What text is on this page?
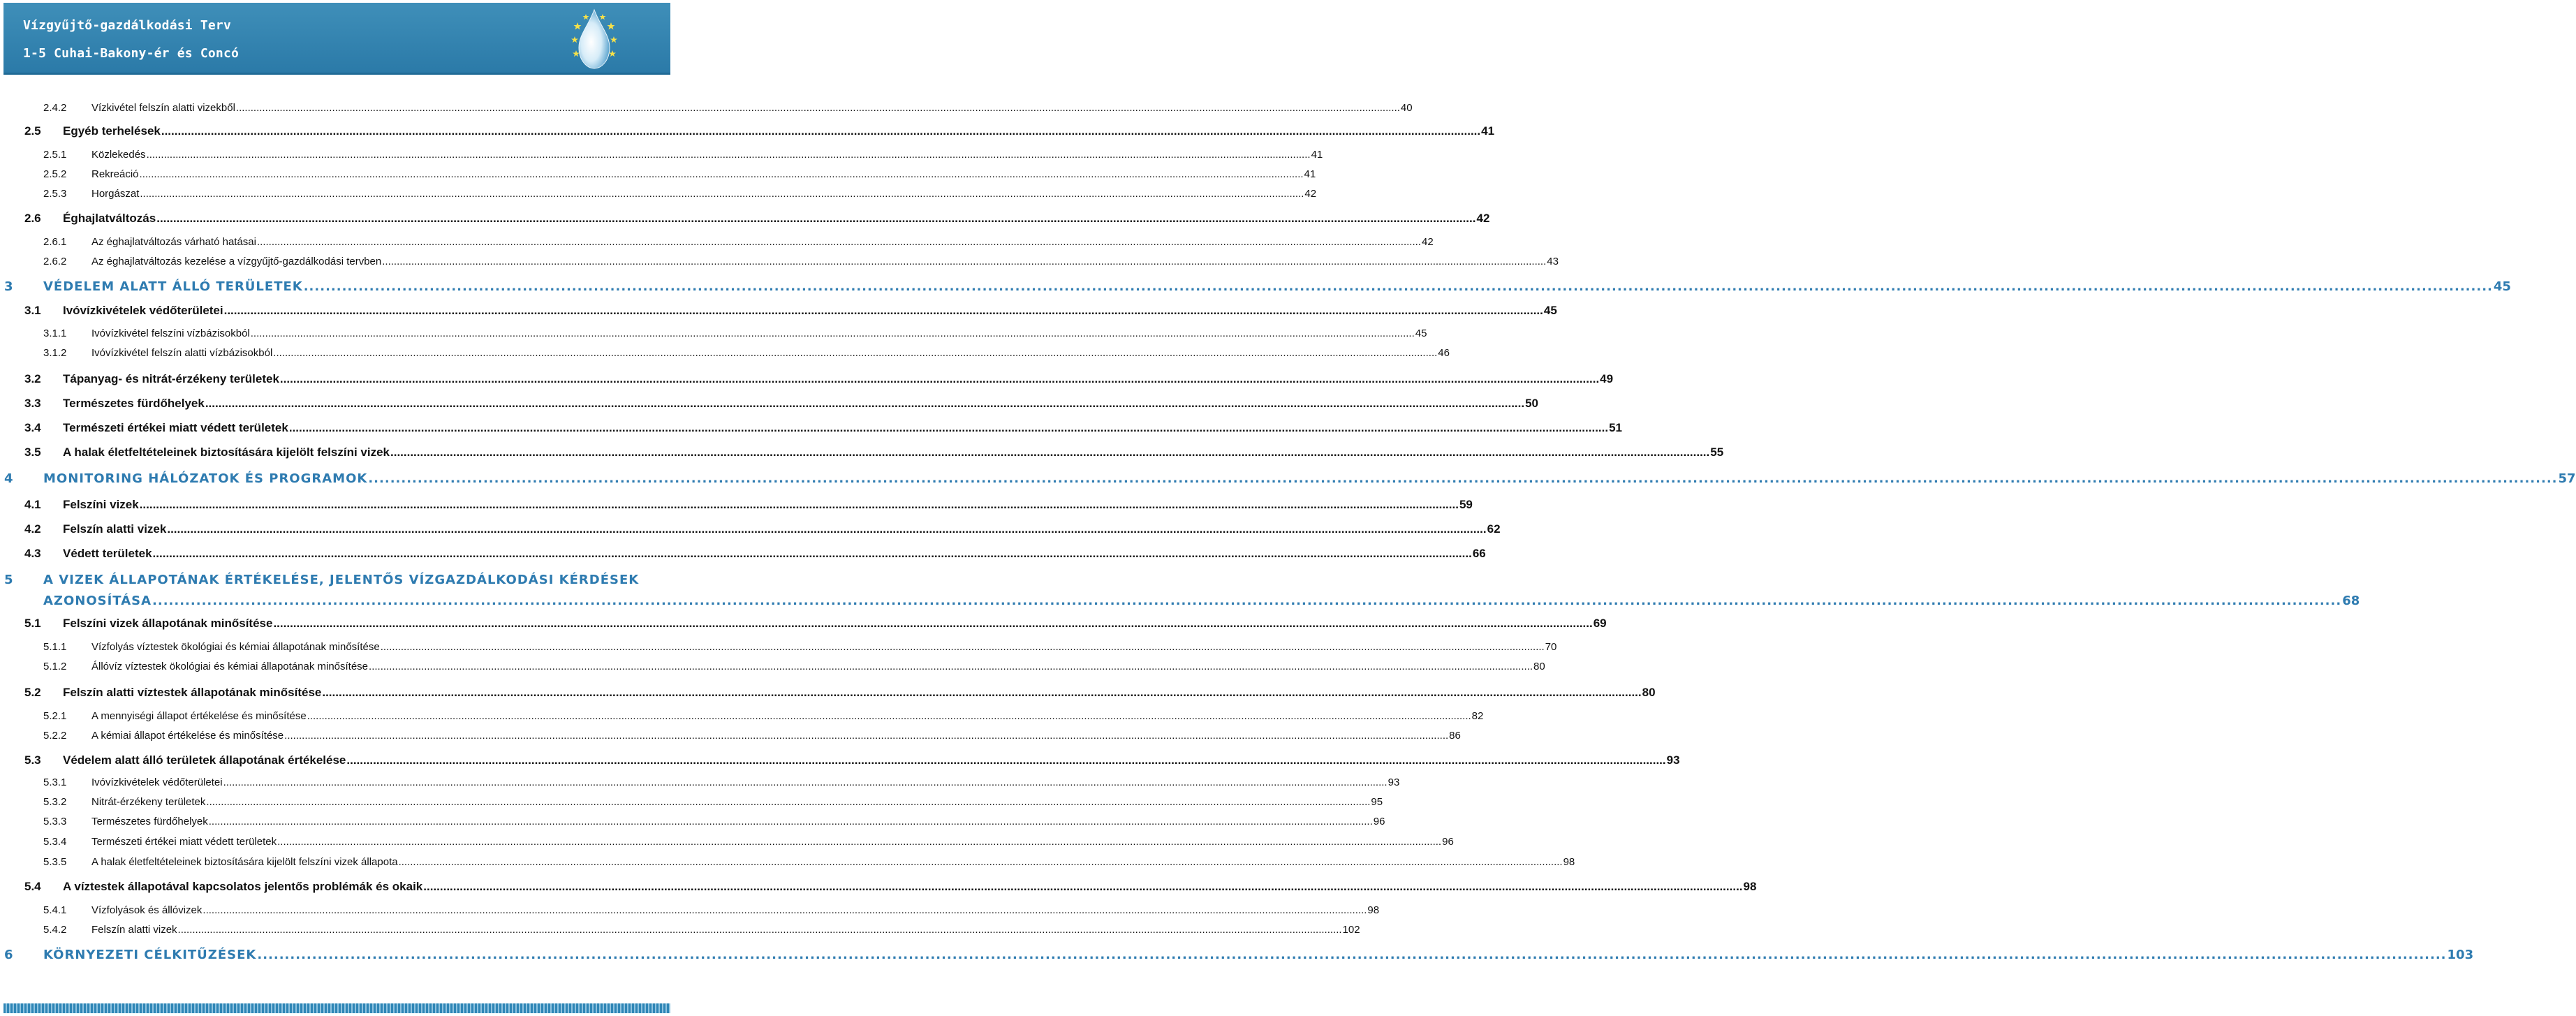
Vízgyűjtő-gazdálkodási Terv
1-5 Cuhai-Bakony-ér és Concó
2.4.2 Vízkivétel felszín alatti vizekből ................................................................................................................................................................................................................................................................................................................................................................................................................ 40
2.5 Egyéb terhelések ................................................................................................................................................................................................................................................................................................................................................................................................................ 41
2.5.1 Közlekedés ................................................................................................................................................................................................................................................................................................................................................................................................................ 41
2.5.2 Rekreáció ................................................................................................................................................................................................................................................................................................................................................................................................................ 41
2.5.3 Horgászat ................................................................................................................................................................................................................................................................................................................................................................................................................ 42
2.6 Éghajlatváltozás ................................................................................................................................................................................................................................................................................................................................................................................................................ 42
2.6.1 Az éghajlatváltozás várható hatásai ................................................................................................................................................................................................................................................................................................................................................................................................................ 42
2.6.2 Az éghajlatváltozás kezelése a vízgyűjtő-gazdálkodási tervben ................................................................................................................................................................................................................................................................................................................................................................................................................ 43
3 VÉDELEM ALATT ÁLLÓ TERÜLETEK ................................................................................................................................................................................................................................................................................................................................................................................................................ 45
3.1 Ivóvízkivételek védőterületei ................................................................................................................................................................................................................................................................................................................................................................................................................ 45
3.1.1 Ivóvízkivétel felszíni vízbázisokból ................................................................................................................................................................................................................................................................................................................................................................................................................ 45
3.1.2 Ivóvízkivétel felszín alatti vízbázisokból ................................................................................................................................................................................................................................................................................................................................................................................................................ 46
3.2 Tápanyag- és nitrát-érzékeny területek ................................................................................................................................................................................................................................................................................................................................................................................................................ 49
3.3 Természetes fürdőhelyek ................................................................................................................................................................................................................................................................................................................................................................................................................ 50
3.4 Természeti értékei miatt védett területek ................................................................................................................................................................................................................................................................................................................................................................................................................ 51
3.5 A halak életfeltételeinek biztosítására kijelölt felszíni vizek ................................................................................................................................................................................................................................................................................................................................................................................................................ 55
4 MONITORING HÁLÓZATOK ÉS PROGRAMOK ................................................................................................................................................................................................................................................................................................................................................................................................................ 57
4.1 Felszíni vizek ................................................................................................................................................................................................................................................................................................................................................................................................................ 59
4.2 Felszín alatti vizek ................................................................................................................................................................................................................................................................................................................................................................................................................ 62
4.3 Védett területek ................................................................................................................................................................................................................................................................................................................................................................................................................ 66
5 A VIZEK ÁLLAPOTÁNAK ÉRTÉKELÉSE, JELENTŐS VÍZGAZDÁLKODÁSI KÉRDÉSEK
AZONOSÍTÁSA ................................................................................................................................................................................................................................................................................................................................................................................................................ 68
5.1 Felszíni vizek állapotának minősítése ................................................................................................................................................................................................................................................................................................................................................................................................................ 69
5.1.1 Vízfolyás víztestek ökológiai és kémiai állapotának minősítése ................................................................................................................................................................................................................................................................................................................................................................................................................ 70
5.1.2 Állóvíz víztestek ökológiai és kémiai állapotának minősítése ................................................................................................................................................................................................................................................................................................................................................................................................................ 80
5.2 Felszín alatti víztestek állapotának minősítése ................................................................................................................................................................................................................................................................................................................................................................................................................ 80
5.2.1 A mennyiségi állapot értékelése és minősítése ................................................................................................................................................................................................................................................................................................................................................................................................................ 82
5.2.2 A kémiai állapot értékelése és minősítése ................................................................................................................................................................................................................................................................................................................................................................................................................ 86
5.3 Védelem alatt álló területek állapotának értékelése ................................................................................................................................................................................................................................................................................................................................................................................................................ 93
5.3.1 Ivóvízkivételek védőterületei ................................................................................................................................................................................................................................................................................................................................................................................................................ 93
5.3.2 Nitrát-érzékeny területek ................................................................................................................................................................................................................................................................................................................................................................................................................ 95
5.3.3 Természetes fürdőhelyek ................................................................................................................................................................................................................................................................................................................................................................................................................ 96
5.3.4 Természeti értékei miatt védett területek ................................................................................................................................................................................................................................................................................................................................................................................................................ 96
5.3.5 A halak életfeltételeinek biztosítására kijelölt felszíni vizek állapota ................................................................................................................................................................................................................................................................................................................................................................................................................ 98
5.4 A víztestek állapotával kapcsolatos jelentős problémák és okaik ................................................................................................................................................................................................................................................................................................................................................................................................................ 98
5.4.1 Vízfolyások és állóvizek ................................................................................................................................................................................................................................................................................................................................................................................................................ 98
5.4.2 Felszín alatti vizek ................................................................................................................................................................................................................................................................................................................................................................................................................ 102
6 KÖRNYEZETI CÉLKITŰZÉSEK ................................................................................................................................................................................................................................................................................................................................................................................................................ 103
